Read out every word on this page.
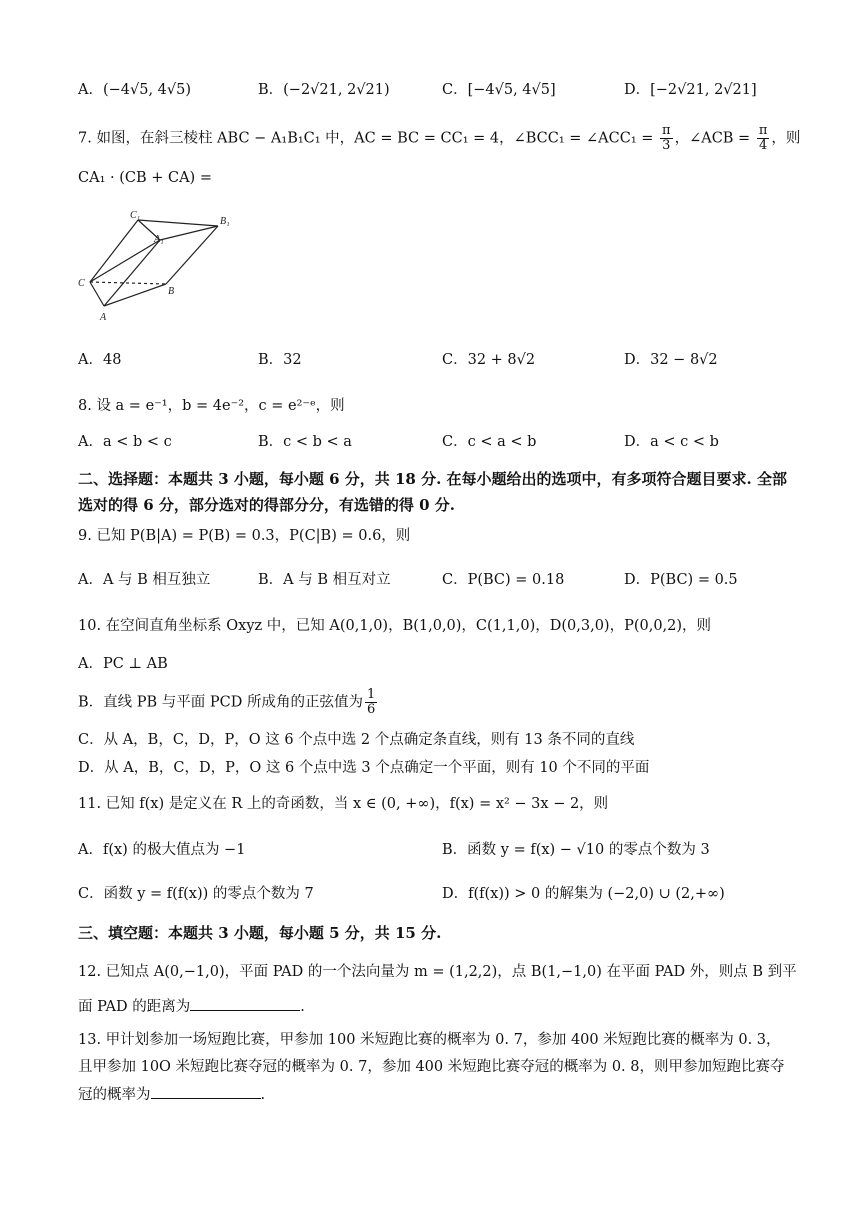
A．(−4√5, 4√5)	B．(−2√21, 2√21)	C．[−4√5, 4√5]	D．[−2√21, 2√21]
7. 如图，在斜三棱柱 ABC − A₁B₁C₁ 中，AC = BC = CC₁ = 4，∠BCC₁ = ∠ACC₁ = $\frac{\pi}{3}$ ，∠ACB = $\frac{\pi}{4}$ ，则
CA₁ · (CB + CA) =
C₁
B₁
A₁
C
B
A
A．48	B．32	C．32 + 8√2	D．32 − 8√2
8. 设 a = e⁻¹，b = 4e⁻²，c = e²⁻ᵉ，则
A．a < b < c	B．c < b < a	C．c < a < b	D．a < c < b
二、选择题：本题共 3 小题，每小题 6 分，共 18 分. 在每小题给出的选项中，有多项符合题目要求. 全部选对的得 6 分，部分选对的得部分分，有选错的得 0 分.
9. 已知 P(B|A) = P(B) = 0.3，P(C|B) = 0.6，则
A．A 与 B 相互独立	B．A 与 B 相互对立	C．P(BC) = 0.18	D．P(BC) = 0.5
10. 在空间直角坐标系 Oxyz 中，已知 A(0,1,0)，B(1,0,0)，C(1,1,0)，D(0,3,0)，P(0,0,2)，则
A．PC ⊥ AB
B．直线 PB 与平面 PCD 所成角的正弦值为 $\frac{1}{6}$
C．从 A，B，C，D，P，O 这 6 个点中选 2 个点确定条直线，则有 13 条不同的直线
D．从 A，B，C，D，P，O 这 6 个点中选 3 个点确定一个平面，则有 10 个不同的平面
11. 已知 f(x) 是定义在 R 上的奇函数，当 x ∈ (0, +∞)，f(x) = x² − 3x − 2，则
A．f(x) 的极大值点为 −1	B．函数 y = f(x) − √10 的零点个数为 3
C．函数 y = f(f(x)) 的零点个数为 7	D．f(f(x)) > 0 的解集为 (−2,0) ∪ (2,+∞)
三、填空题：本题共 3 小题，每小题 5 分，共 15 分.
12. 已知点 A(0,−1,0)，平面 PAD 的一个法向量为 m = (1,2,2)，点 B(1,−1,0) 在平面 PAD 外，则点 B 到平
面 PAD 的距离为	.
13. 甲计划参加一场短跑比赛，甲参加 100 米短跑比赛的概率为 0. 7，参加 400 米短跑比赛的概率为 0. 3，
且甲参加 10O 米短跑比赛夺冠的概率为 0. 7，参加 400 米短跑比赛夺冠的概率为 0. 8，则甲参加短跑比赛夺
冠的概率为	.
